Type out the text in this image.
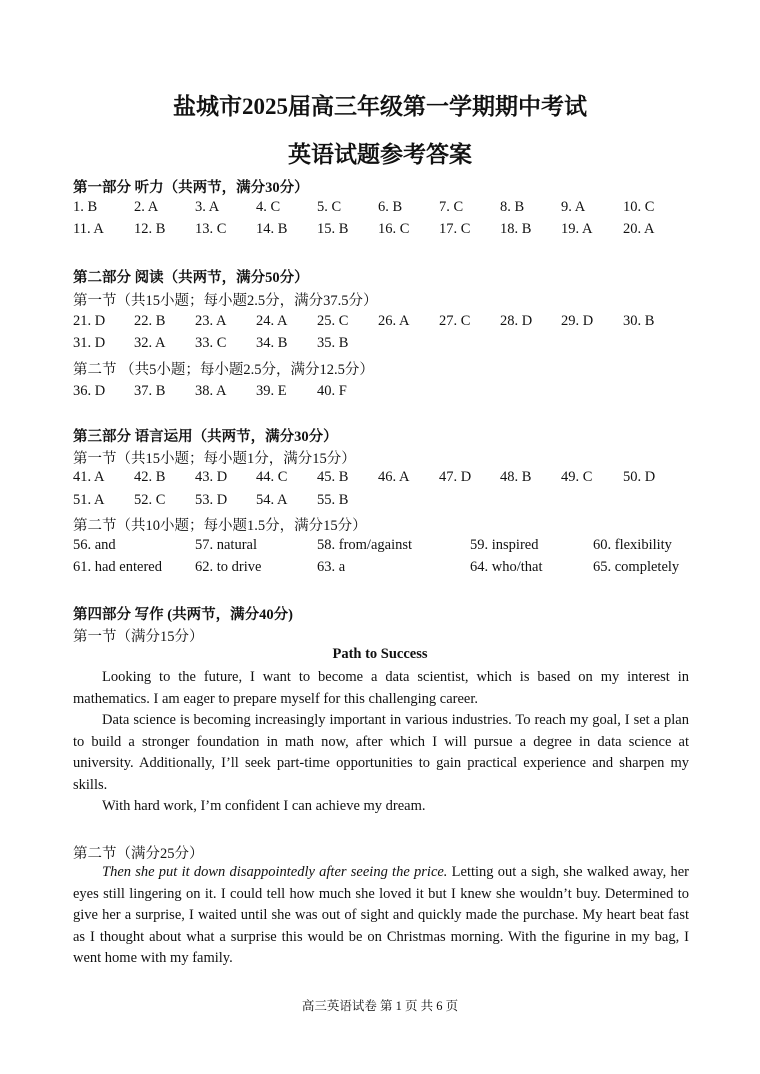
盐城市2025届高三年级第一学期期中考试
英语试题参考答案
第一部分 听力（共两节，满分30分）
1. B	2. A	3. A	4. C	5. C	6. B	7. C	8. B	9. A	10. C
11. A 12. B 13. C 14. B 15. B 16. C 17. C 18. B 19. A 20. A
第二部分 阅读（共两节，满分50分）
第一节（共15小题；每小题2.5分，满分37.5分）
21. D 22. B 23. A 24. A 25. C 26. A 27. C 28. D 29. D 30. B
31. D 32. A 33. C 34. B 35. B
第二节 （共5小题；每小题2.5分，满分12.5分）
36. D 37. B 38. A 39. E 40. F
第三部分 语言运用（共两节，满分30分）
第一节（共15小题；每小题1分，满分15分）
41. A 42. B 43. D 44. C 45. B 46. A 47. D 48. B 49. C 50. D
51. A 52. C 53. D 54. A 55. B
第二节（共10小题；每小题1.5分，满分15分）
56. and	57. natural	58. from/against	59. inspired	60. flexibility
61. had entered 62. to drive	63. a	64. who/that	65. completely
第四部分 写作 (共两节，满分40分)
第一节（满分15分）
Path to Success

Looking to the future, I want to become a data scientist, which is based on my interest in mathematics. I am eager to prepare myself for this challenging career.

Data science is becoming increasingly important in various industries. To reach my goal, I set a plan to build a stronger foundation in math now, after which I will pursue a degree in data science at university. Additionally, I’ll seek part-time opportunities to gain practical experience and sharpen my skills.

With hard work, I’m confident I can achieve my dream.

第二节（满分25分）

Then she put it down disappointedly after seeing the price. Letting out a sigh, she walked away, her eyes still lingering on it. I could tell how much she loved it but I knew she wouldn’t buy. Determined to give her a surprise, I waited until she was out of sight and quickly made the purchase. My heart beat fast as I thought about what a surprise this would be on Christmas morning. With the figurine in my bag, I went home with my family.

高三英语试卷 第 1 页 共 6 页
